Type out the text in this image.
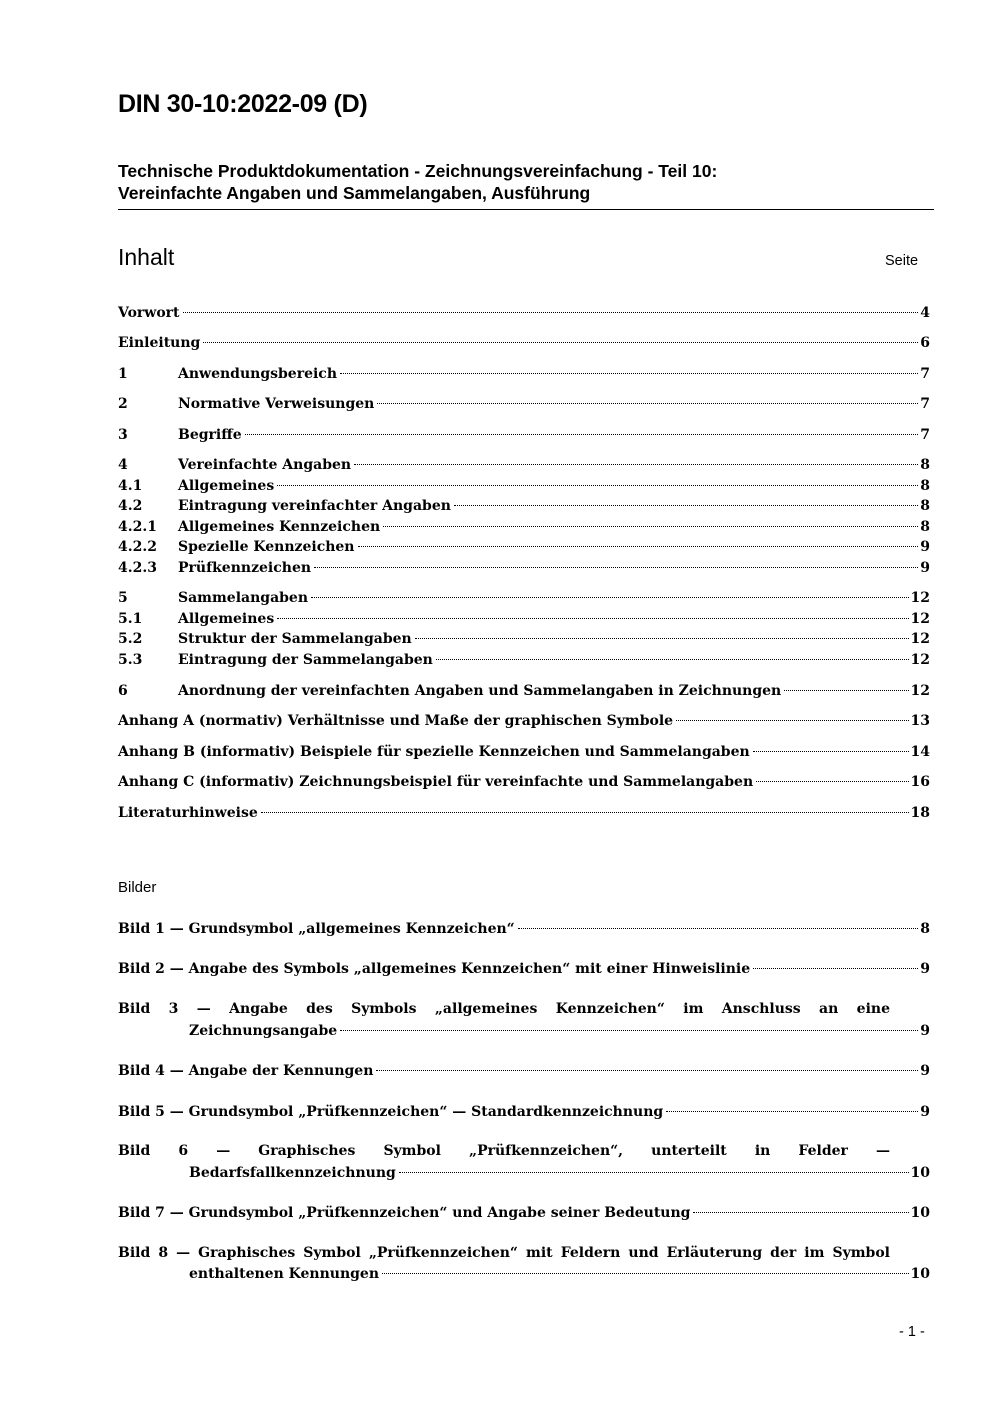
DIN 30-10:2022-09 (D)
Technische Produktdokumentation - Zeichnungsvereinfachung - Teil 10:
Vereinfachte Angaben und Sammelangaben, Ausführung
Inhalt	Seite
Vorwort	4
Einleitung	6
1	Anwendungsbereich	7
2	Normative Verweisungen	7
3	Begriffe	7
4	Vereinfachte Angaben	8
4.1	Allgemeines	8
4.2	Eintragung vereinfachter Angaben	8
4.2.1	Allgemeines Kennzeichen	8
4.2.2	Spezielle Kennzeichen	9
4.2.3	Prüfkennzeichen	9
5	Sammelangaben	12
5.1	Allgemeines	12
5.2	Struktur der Sammelangaben	12
5.3	Eintragung der Sammelangaben	12
6	Anordnung der vereinfachten Angaben und Sammelangaben in Zeichnungen	12
Anhang A (normativ) Verhältnisse und Maße der graphischen Symbole	13
Anhang B (informativ) Beispiele für spezielle Kennzeichen und Sammelangaben	14
Anhang C (informativ) Zeichnungsbeispiel für vereinfachte und Sammelangaben	16
Literaturhinweise	18
Bilder
Bild 1 — Grundsymbol „allgemeines Kennzeichen“	8
Bild 2 — Angabe des Symbols „allgemeines Kennzeichen“ mit einer Hinweislinie	9
Bild 3 — Angabe des Symbols „allgemeines Kennzeichen“ im Anschluss an eine
Zeichnungsangabe	9
Bild 4 — Angabe der Kennungen	9
Bild 5 — Grundsymbol „Prüfkennzeichen“ — Standardkennzeichnung	9
Bild 6 — Graphisches Symbol „Prüfkennzeichen“, unterteilt in Felder —
Bedarfsfallkennzeichnung	10
Bild 7 — Grundsymbol „Prüfkennzeichen“ und Angabe seiner Bedeutung	10
Bild 8 — Graphisches Symbol „Prüfkennzeichen“ mit Feldern und Erläuterung der im Symbol
enthaltenen Kennungen	10
- 1 -
